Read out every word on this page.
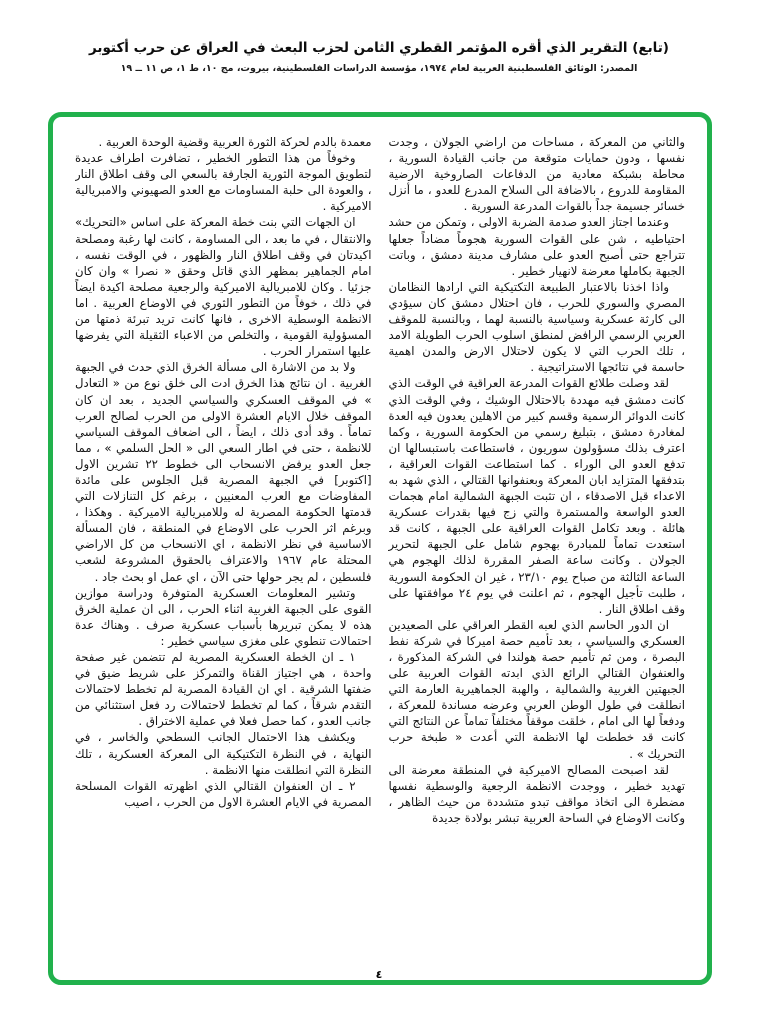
(تابع) التقرير الذي أقره المؤتمر القطري الثامن لحزب البعث في العراق عن حرب أكتوبر

المصدر: الوثائق الفلسطينية العربية لعام ١٩٧٤، مؤسسة الدراسات الفلسطينية، بيروت، مج ١٠، ط ١، ص ١١ ــ ١٩

والثاني من المعركة ، مساحات من اراضي الجولان ، وجدت نفسها ، ودون حمايات متوقعة من جانب القيادة السورية ، محاطة بشبكة معادية من الدفاعات الصاروخية الارضية المقاومة للدروع ، بالاضافة الى السلاح المدرع للعدو ، ما أنزل خسائر جسيمة جداً بالقوات المدرعة السورية .

وعندما اجتاز العدو صدمة الضربة الاولى ، وتمكن من حشد احتياطيه ، شن على القوات السورية هجوماً مضاداً جعلها تتراجع حتى أصبح العدو على مشارف مدينة دمشق ، وباتت الجبهة بكاملها معرضة لانهيار خطير .

واذا اخذنا بالاعتبار الطبيعة التكتيكية التي ارادها النظامان المصري والسوري للحرب ، فان احتلال دمشق كان سيؤدي الى كارثة عسكرية وسياسية بالنسبة لهما ، وبالنسبة للموقف العربي الرسمي الرافض لمنطق اسلوب الحرب الطويلة الامد ، تلك الحرب التي لا يكون لاحتلال الارض والمدن اهمية حاسمة في نتائجها الاستراتيجية .

لقد وصلت طلائع القوات المدرعة العراقية في الوقت الذي كانت دمشق فيه مهددة بالاحتلال الوشيك ، وفي الوقت الذي كانت الدوائر الرسمية وقسم كبير من الاهلين يعدون فيه العدة لمغادرة دمشق ، بتبليغ رسمي من الحكومة السورية ، وكما اعترف بذلك مسؤولون سوريون ، فاستطاعت باستبسالها ان تدفع العدو الى الوراء . كما استطاعت القوات العراقية ، بتدفقها المتزايد ابان المعركة وبعنفوانها القتالي ، الذي شهد به الاعداء قبل الاصدقاء ، ان تثبت الجبهة الشمالية امام هجمات العدو الواسعة والمستمرة والتي زج فيها بقدرات عسكرية هائلة . وبعد تكامل القوات العراقية على الجبهة ، كانت قد استعدت تماماً للمبادرة بهجوم شامل على الجبهة لتحرير الجولان . وكانت ساعة الصفر المقررة لذلك الهجوم هي الساعة الثالثة من صباح يوم ٢٣/١٠ ، غير ان الحكومة السورية ، طلبت تأجيل الهجوم ، ثم اعلنت في يوم ٢٤ موافقتها على وقف اطلاق النار .

ان الدور الحاسم الذي لعبه القطر العراقي على الصعيدين العسكري والسياسي ، بعد تأميم حصة اميركا في شركة نفط البصرة ، ومن ثم تأميم حصة هولندا في الشركة المذكورة ، والعنفوان القتالي الرائع الذي ابدته القوات العربية على الجبهتين الغربية والشمالية ، والهبة الجماهيرية العارمة التي انطلقت في طول الوطن العربي وعرضه مساندة للمعركة ، ودفعاً لها الى امام ، خلقت موقفاً مختلفاً تماماً عن النتائج التي كانت قد خططت لها الانظمة التي أعدت « طبخة حرب التحريك » .

لقد اصبحت المصالح الاميركية في المنطقة معرضة الى تهديد خطير ، ووجدت الانظمة الرجعية والوسطية نفسها مضطرة الى اتخاذ مواقف تبدو متشددة من حيث الظاهر ، وكانت الاوضاع في الساحة العربية تبشر بولادة جديدة

معمدة بالدم لحركة الثورة العربية وقضية الوحدة العربية .

وخوفاً من هذا التطور الخطير ، تضافرت اطراف عديدة لتطويق الموجة الثورية الجارفة بالسعي الى وقف اطلاق النار ، والعودة الى حلبة المساومات مع العدو الصهيوني والامبريالية الاميركية .

ان الجهات التي بنت خطة المعركة على اساس «التحريك» والانتقال ، في ما بعد ، الى المساومة ، كانت لها رغبة ومصلحة اكيدتان في وقف اطلاق النار والظهور ، في الوقت نفسه ، امام الجماهير بمظهر الذي قاتل وحقق « نصرا » وان كان جزئيا . وكان للامبريالية الاميركية والرجعية مصلحة اكيدة ايضاً في ذلك ، خوفاً من التطور الثوري في الاوضاع العربية . اما الانظمة الوسطية الاخرى ، فانها كانت تريد تبرئة ذمتها من المسؤولية القومية ، والتخلص من الاعباء الثقيلة التي يفرضها عليها استمرار الحرب .

ولا بد من الاشارة الى مسألة الخرق الذي حدث في الجبهة الغربية . ان نتائج هذا الخرق ادت الى خلق نوع من « التعادل » في الموقف العسكري والسياسي الجديد ، بعد ان كان الموقف خلال الايام العشرة الاولى من الحرب لصالح العرب تماماً . وقد أدى ذلك ، ايضاً ، الى اضعاف الموقف السياسي للانظمة ، حتى في اطار السعي الى « الحل السلمي » ، مما جعل العدو يرفض الانسحاب الى خطوط ٢٢ تشرين الاول [اكتوبر] في الجبهة المصرية قبل الجلوس على مائدة المفاوضات مع العرب المعنيين ، برغم كل التنازلات التي قدمتها الحكومة المصرية له وللامبريالية الاميركية . وهكذا ، وبرغم اثر الحرب على الاوضاع في المنطقة ، فان المسألة الاساسية في نظر الانظمة ، اي الانسحاب من كل الاراضي المحتلة عام ١٩٦٧ والاعتراف بالحقوق المشروعة لشعب فلسطين ، لم يجر حولها حتى الآن ، اي عمل او بحث جاد .

وتشير المعلومات العسكرية المتوفرة ودراسة موازين القوى على الجبهة الغربية اثناء الحرب ، الى ان عملية الخرق هذه لا يمكن تبريرها بأسباب عسكرية صرف . وهناك عدة احتمالات تنطوي على مغزى سياسي خطير :

١ ـ ان الخطة العسكرية المصرية لم تتضمن غير صفحة واحدة ، هي اجتياز القناة والتمركز على شريط ضيق في ضفتها الشرقية . اي ان القيادة المصرية لم تخطط لاحتمالات التقدم شرقاً ، كما لم تخطط لاحتمالات رد فعل استثنائي من جانب العدو ، كما حصل فعلا في عملية الاختراق .

ويكشف هذا الاحتمال الجانب السطحي والخاسر ، في النهاية ، في النظرة التكتيكية الى المعركة العسكرية ، تلك النظرة التي انطلقت منها الانظمة .

٢ ـ ان العنفوان القتالي الذي اظهرته القوات المسلحة المصرية في الايام العشرة الاول من الحرب ، اصيب

٤
